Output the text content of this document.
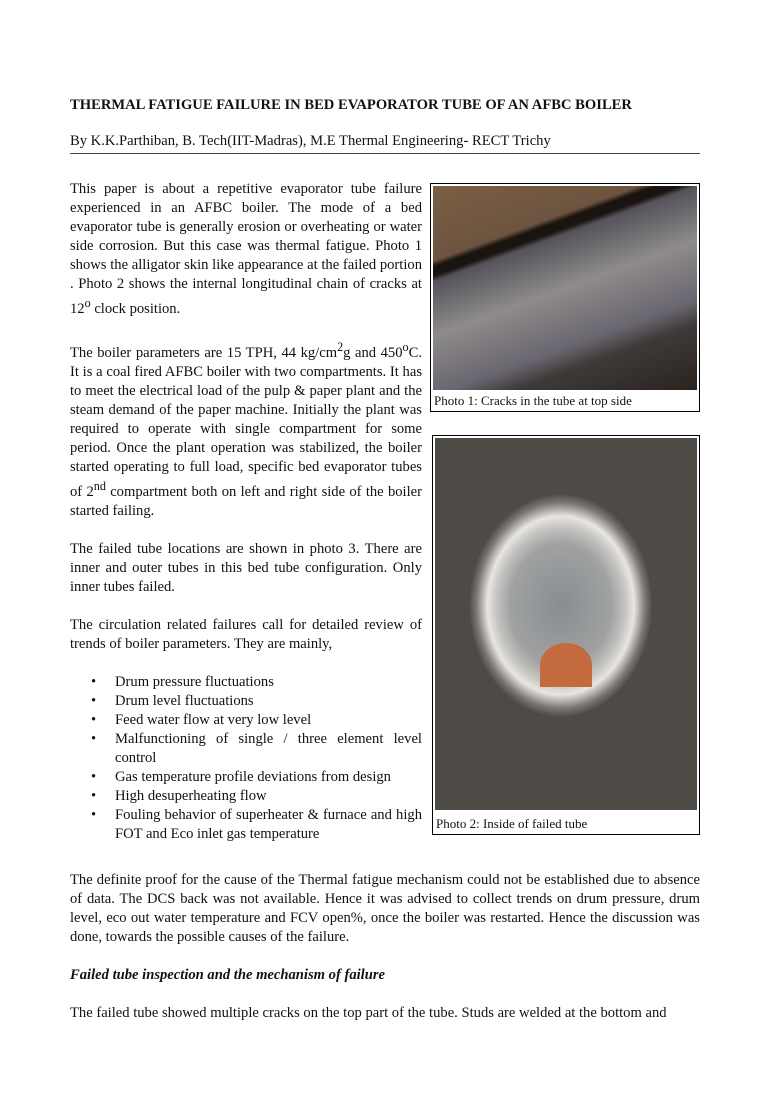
THERMAL FATIGUE FAILURE IN BED EVAPORATOR TUBE OF AN AFBC BOILER
By K.K.Parthiban, B. Tech(IIT-Madras), M.E Thermal Engineering- RECT Trichy

This paper is about a repetitive evaporator tube failure experienced in an AFBC boiler. The mode of a bed evaporator tube is generally erosion or overheating or water side corrosion. But this case was thermal fatigue. Photo 1 shows the alligator skin like appearance at the failed portion . Photo 2 shows the internal longitudinal chain of cracks at 12$^o$ clock position.

The boiler parameters are 15 TPH, 44 $kg/cm^2g$ and 450$^o$C. It is a coal fired AFBC boiler with two compartments. It has to meet the electrical load of the pulp & paper plant and the steam demand of the paper machine. Initially the plant was required to operate with single compartment for some period. Once the plant operation was stabilized, the boiler started operating to full load, specific bed evaporator tubes of 2nd compartment both on left and right side of the boiler started failing.

The failed tube locations are shown in photo 3. There are inner and outer tubes in this bed tube configuration. Only inner tubes failed.

The circulation related failures call for detailed review of trends of boiler parameters. They are mainly,

• Drum pressure fluctuations
• Drum level fluctuations
• Feed water flow at very low level
• Malfunctioning of single / three element level control
• Gas temperature profile deviations from design
• High desuperheating flow
• Fouling behavior of superheater & furnace and high FOT and Eco inlet gas temperature
Photo 1: Cracks in the tube at top side
Photo 2: Inside of failed tube

The definite proof for the cause of the Thermal fatigue mechanism could not be established due to absence of data. The DCS back was not available. Hence it was advised to collect trends on drum pressure, drum level, eco out water temperature and FCV open%, once the boiler was restarted. Hence the discussion was done, towards the possible causes of the failure.

Failed tube inspection and the mechanism of failure

The failed tube showed multiple cracks on the top part of the tube. Studs are welded at the bottom and
